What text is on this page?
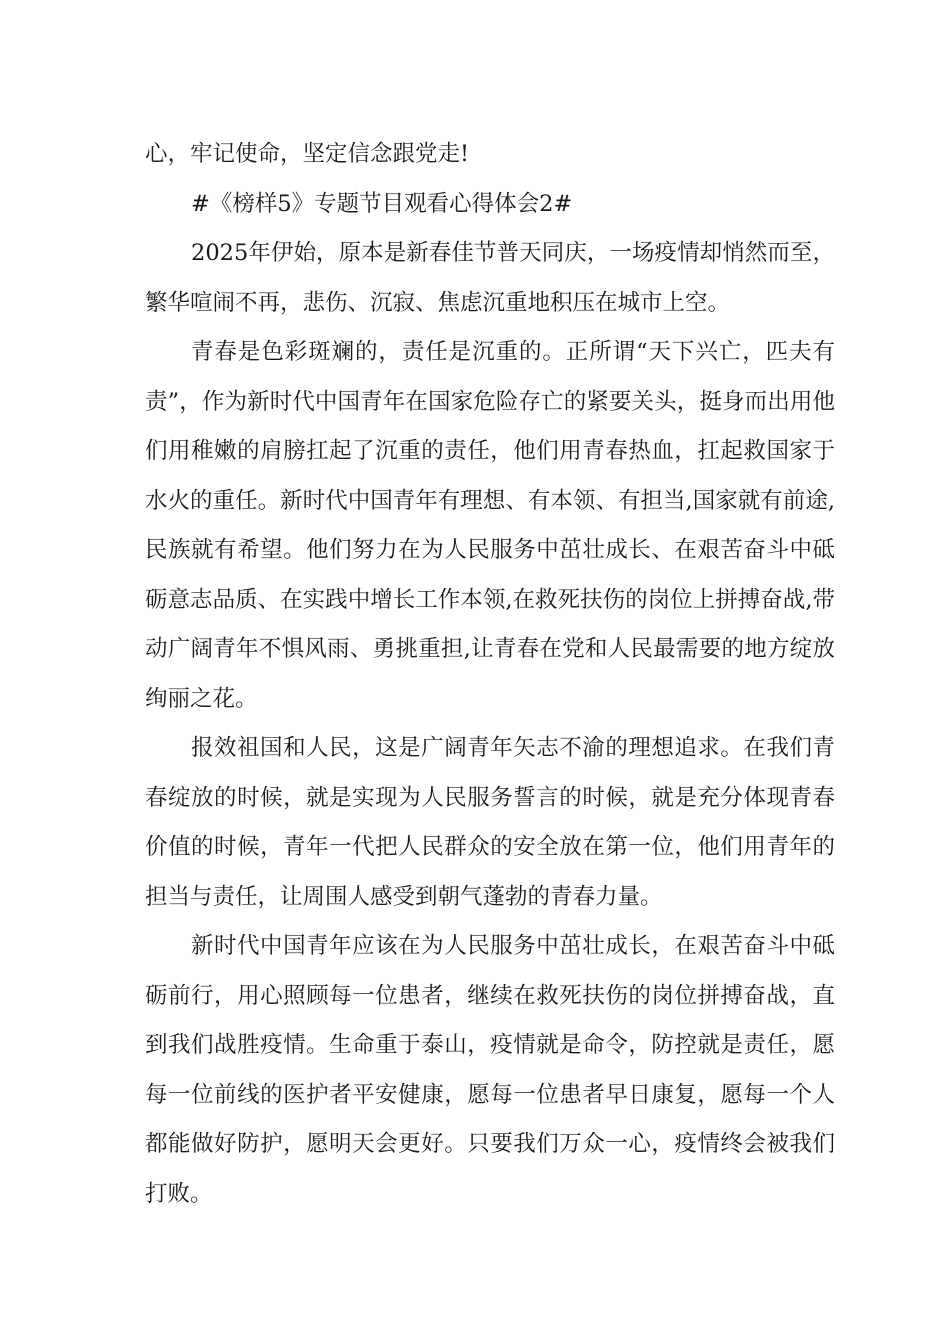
心，牢记使命，坚定信念跟党走!

#《榜样5》专题节目观看心得体会2#

2025年伊始，原本是新春佳节普天同庆，一场疫情却悄然而至，繁华喧闹不再，悲伤、沉寂、焦虑沉重地积压在城市上空。

青春是色彩斑斓的，责任是沉重的。正所谓“天下兴亡，匹夫有责”，作为新时代中国青年在国家危险存亡的紧要关头，挺身而出用他们用稚嫩的肩膀扛起了沉重的责任，他们用青春热血，扛起救国家于水火的重任。新时代中国青年有理想、有本领、有担当,国家就有前途,民族就有希望。他们努力在为人民服务中茁壮成长、在艰苦奋斗中砥砺意志品质、在实践中增长工作本领,在救死扶伤的岗位上拼搏奋战,带动广阔青年不惧风雨、勇挑重担,让青春在党和人民最需要的地方绽放绚丽之花。

报效祖国和人民，这是广阔青年矢志不渝的理想追求。在我们青春绽放的时候，就是实现为人民服务誓言的时候，就是充分体现青春价值的时候，青年一代把人民群众的安全放在第一位，他们用青年的担当与责任，让周围人感受到朝气蓬勃的青春力量。

新时代中国青年应该在为人民服务中茁壮成长，在艰苦奋斗中砥砺前行，用心照顾每一位患者，继续在救死扶伤的岗位拼搏奋战，直到我们战胜疫情。生命重于泰山，疫情就是命令，防控就是责任，愿每一位前线的医护者平安健康，愿每一位患者早日康复，愿每一个人都能做好防护，愿明天会更好。只要我们万众一心，疫情终会被我们打败。
